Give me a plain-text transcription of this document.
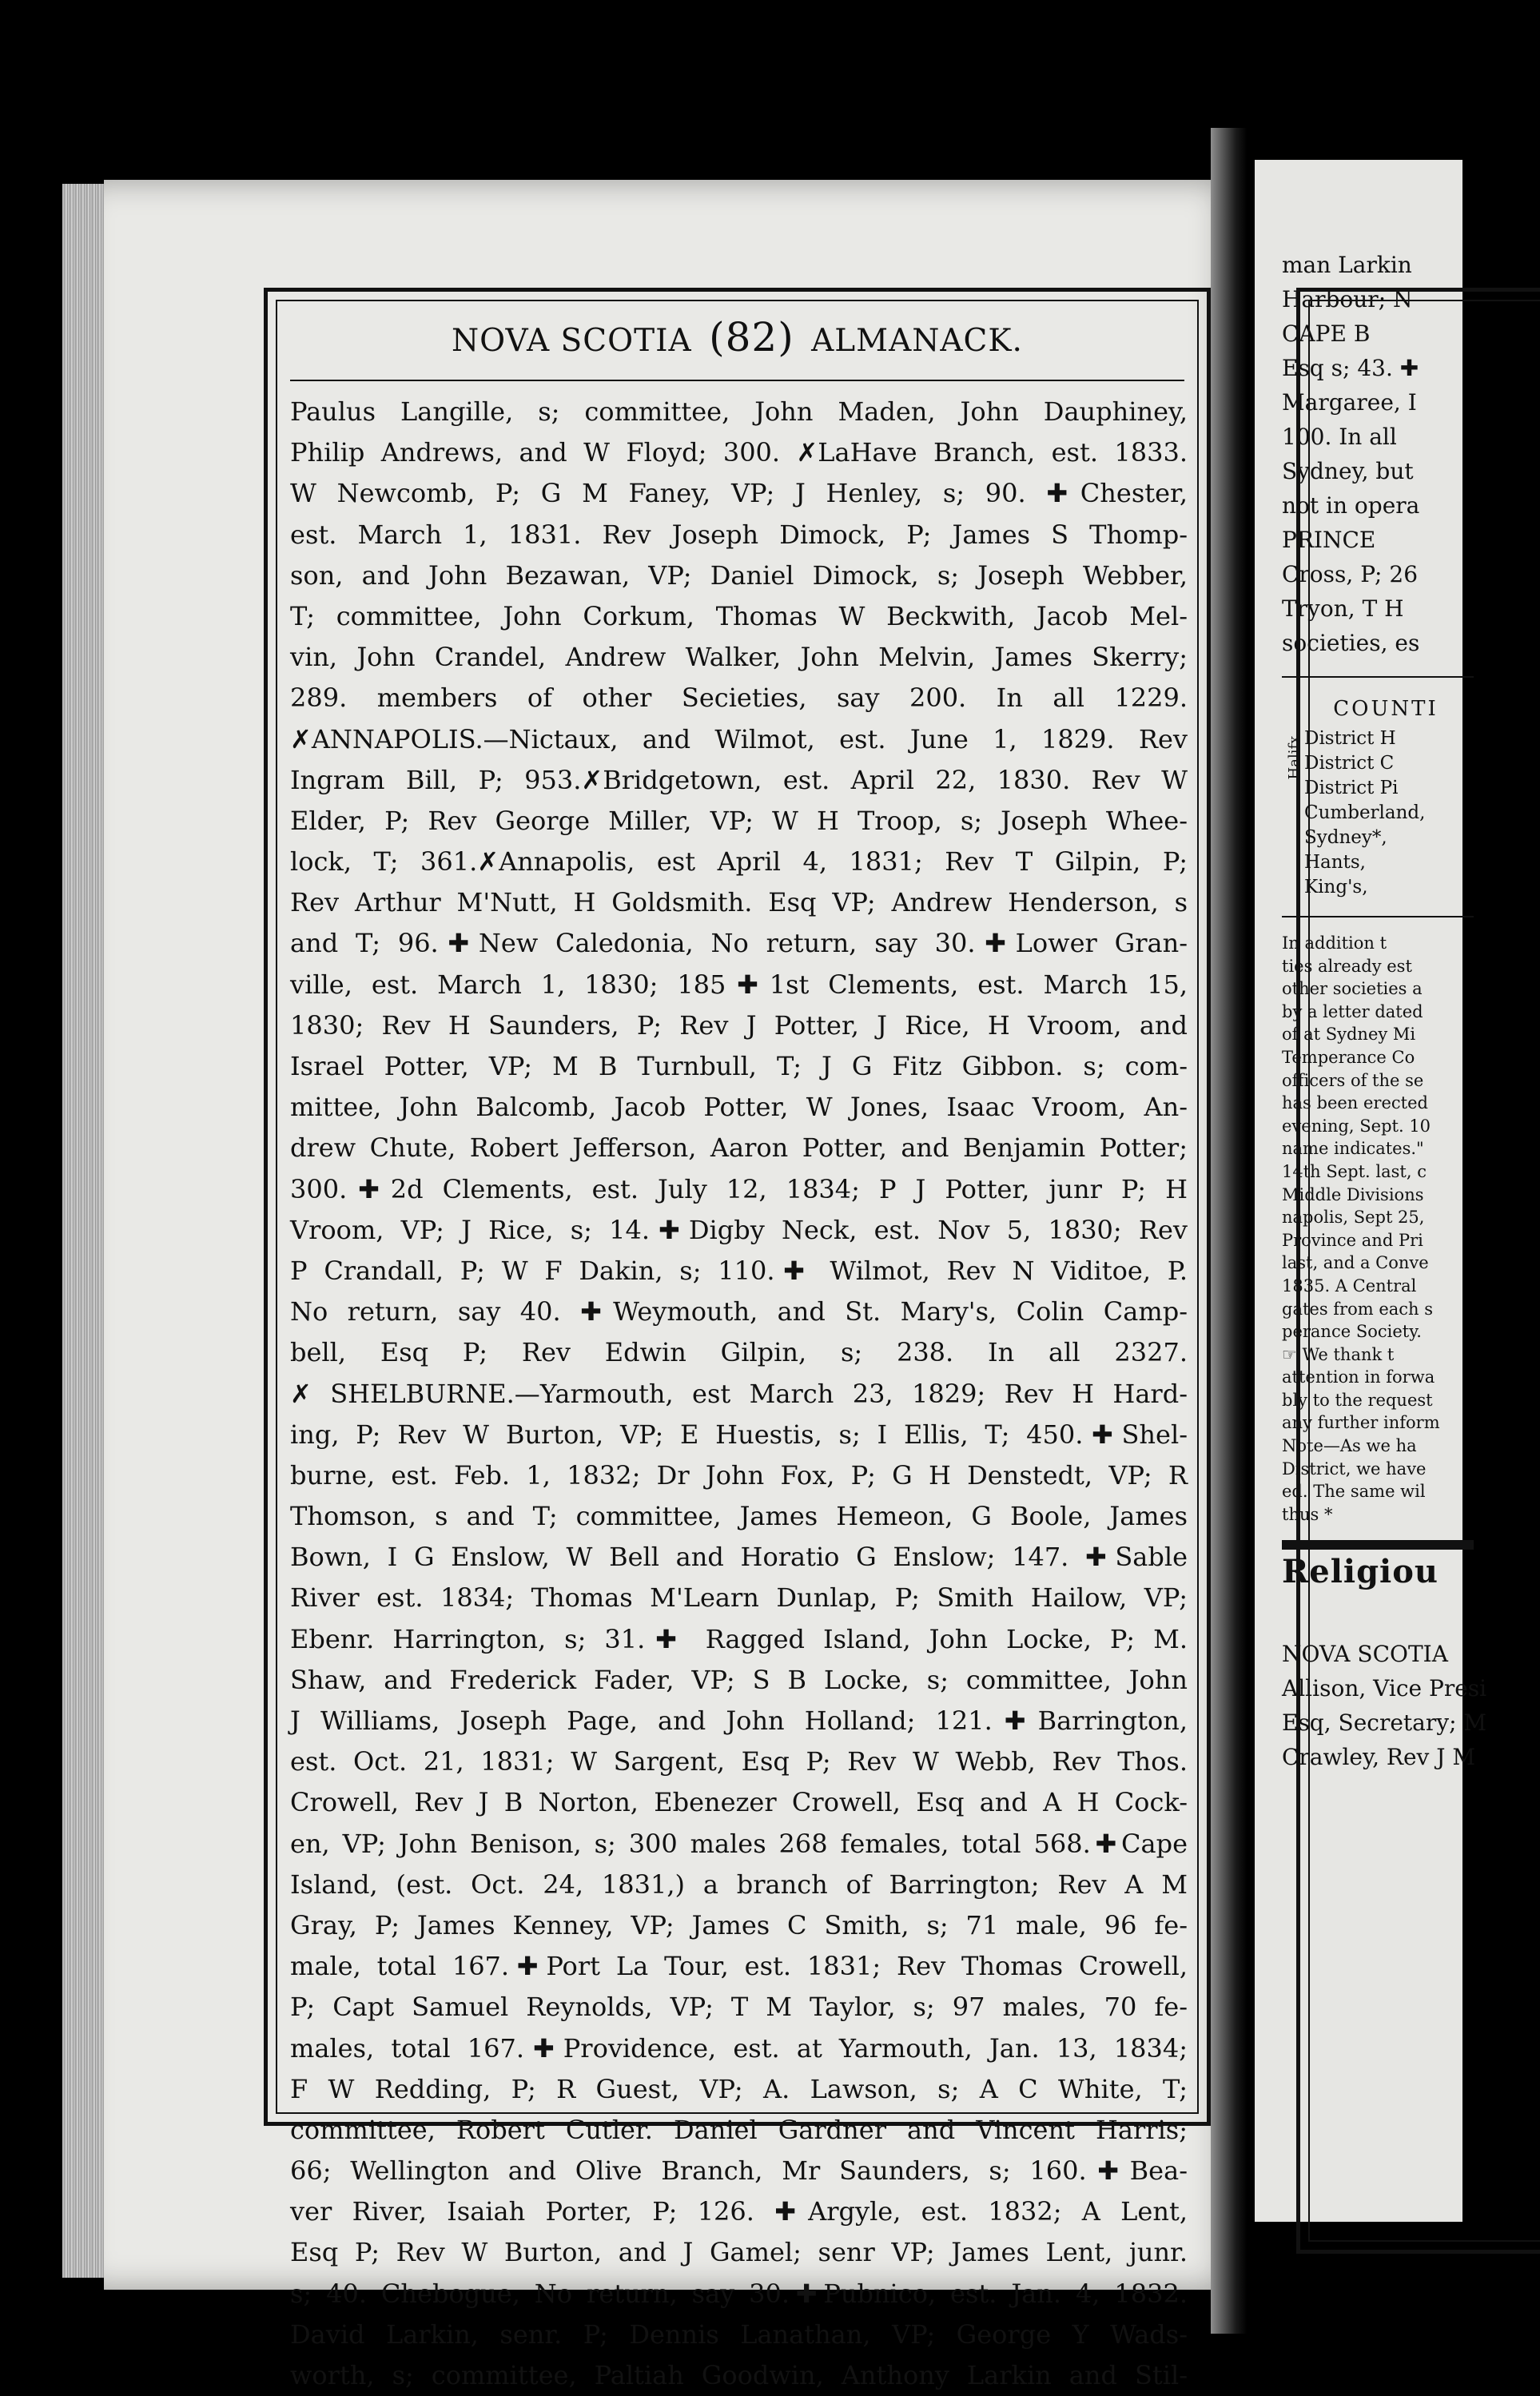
man Larkin
Harbour; N
CAPE B
Esq s; 43. ✚
Margaree, I
100. In all
Sydney, but
not in opera
PRINCE
Cross, P; 26
Tryon, T H
societies, es
COUNTI
Halifx. District H
District C
District Pi
Cumberland,
Sydney*,
Hants,
King's,
In addition t
ties already est
other societies a
by a letter dated
of at Sydney Mi
Temperance Co
officers of the se
has been erected
evening, Sept. 10
name indicates."
14th Sept. last, c
Middle Divisions
napolis, Sept 25,
Province and Pri
last, and a Conve
1835. A Central
gates from each s
perance Society.
☞ We thank t
attention in forwa
bly to the request
any further inform
Note—As we ha
District, we have
ed. The same wil
thus *
Religiou
NOVA SCOTIA
Allison, Vice Presi
Esq, Secretary; M
Crawley, Rev J M
NOVA SCOTIA (82) ALMANACK.
Paulus Langille, s; committee, John Maden, John Dauphiney,
Philip Andrews, and W Floyd; 300. ✗LaHave Branch, est. 1833.
W Newcomb, P; G M Faney, VP; J Henley, s; 90. ✚Chester,
est. March 1, 1831. Rev Joseph Dimock, P; James S Thomp-
son, and John Bezawan, VP; Daniel Dimock, s; Joseph Webber,
T; committee, John Corkum, Thomas W Beckwith, Jacob Mel-
vin, John Crandel, Andrew Walker, John Melvin, James Skerry;
289. members of other Secieties, say 200. In all 1229.
✗ANNAPOLIS.—Nictaux, and Wilmot, est. June 1, 1829. Rev
Ingram Bill, P; 953.✗Bridgetown, est. April 22, 1830. Rev W
Elder, P; Rev George Miller, VP; W H Troop, s; Joseph Whee-
lock, T; 361.✗Annapolis, est April 4, 1831; Rev T Gilpin, P;
Rev Arthur M'Nutt, H Goldsmith. Esq VP; Andrew Henderson, s
and T; 96.✚New Caledonia, No return, say 30.✚Lower Gran-
ville, est. March 1, 1830; 185✚1st Clements, est. March 15,
1830; Rev H Saunders, P; Rev J Potter, J Rice, H Vroom, and
Israel Potter, VP; M B Turnbull, T; J G Fitz Gibbon. s; com-
mittee, John Balcomb, Jacob Potter, W Jones, Isaac Vroom, An-
drew Chute, Robert Jefferson, Aaron Potter, and Benjamin Potter;
300.✚2d Clements, est. July 12, 1834; P J Potter, junr P; H
Vroom, VP; J Rice, s; 14.✚Digby Neck, est. Nov 5, 1830; Rev
P Crandall, P; W F Dakin, s; 110.✚ Wilmot, Rev N Viditoe, P.
No return, say 40. ✚Weymouth, and St. Mary's, Colin Camp-
bell, Esq P; Rev Edwin Gilpin, s; 238. In all 2327.
✗ SHELBURNE.—Yarmouth, est March 23, 1829; Rev H Hard-
ing, P; Rev W Burton, VP; E Huestis, s; I Ellis, T; 450.✚Shel-
burne, est. Feb. 1, 1832; Dr John Fox, P; G H Denstedt, VP; R
Thomson, s and T; committee, James Hemeon, G Boole, James
Bown, I G Enslow, W Bell and Horatio G Enslow; 147. ✚Sable
River est. 1834; Thomas M'Learn Dunlap, P; Smith Hailow, VP;
Ebenr. Harrington, s; 31.✚ Ragged Island, John Locke, P; M.
Shaw, and Frederick Fader, VP; S B Locke, s; committee, John
J Williams, Joseph Page, and John Holland; 121.✚Barrington,
est. Oct. 21, 1831; W Sargent, Esq P; Rev W Webb, Rev Thos.
Crowell, Rev J B Norton, Ebenezer Crowell, Esq and A H Cock-
en, VP; John Benison, s; 300 males 268 females, total 568.✚Cape
Island, (est. Oct. 24, 1831,) a branch of Barrington; Rev A M
Gray, P; James Kenney, VP; James C Smith, s; 71 male, 96 fe-
male, total 167.✚Port La Tour, est. 1831; Rev Thomas Crowell,
P; Capt Samuel Reynolds, VP; T M Taylor, s; 97 males, 70 fe-
males, total 167.✚Providence, est. at Yarmouth, Jan. 13, 1834;
F W Redding, P; R Guest, VP; A. Lawson, s; A C White, T;
committee, Robert Cutler. Daniel Gardner and Vincent Harris;
66; Wellington and Olive Branch, Mr Saunders, s; 160.✚Bea-
ver River, Isaiah Porter, P; 126. ✚Argyle, est. 1832; A Lent,
Esq P; Rev W Burton, and J Gamel; senr VP; James Lent, junr.
s; 40. Chebogue, No return, say 30.✚Pubnico, est. Jan. 4, 1832.
David Larkin, senr. P; Dennis Lanathan, VP; George Y Wads-
worth, s; committee, Paltiah Goodwin, Anthony Larkin and Stil-
